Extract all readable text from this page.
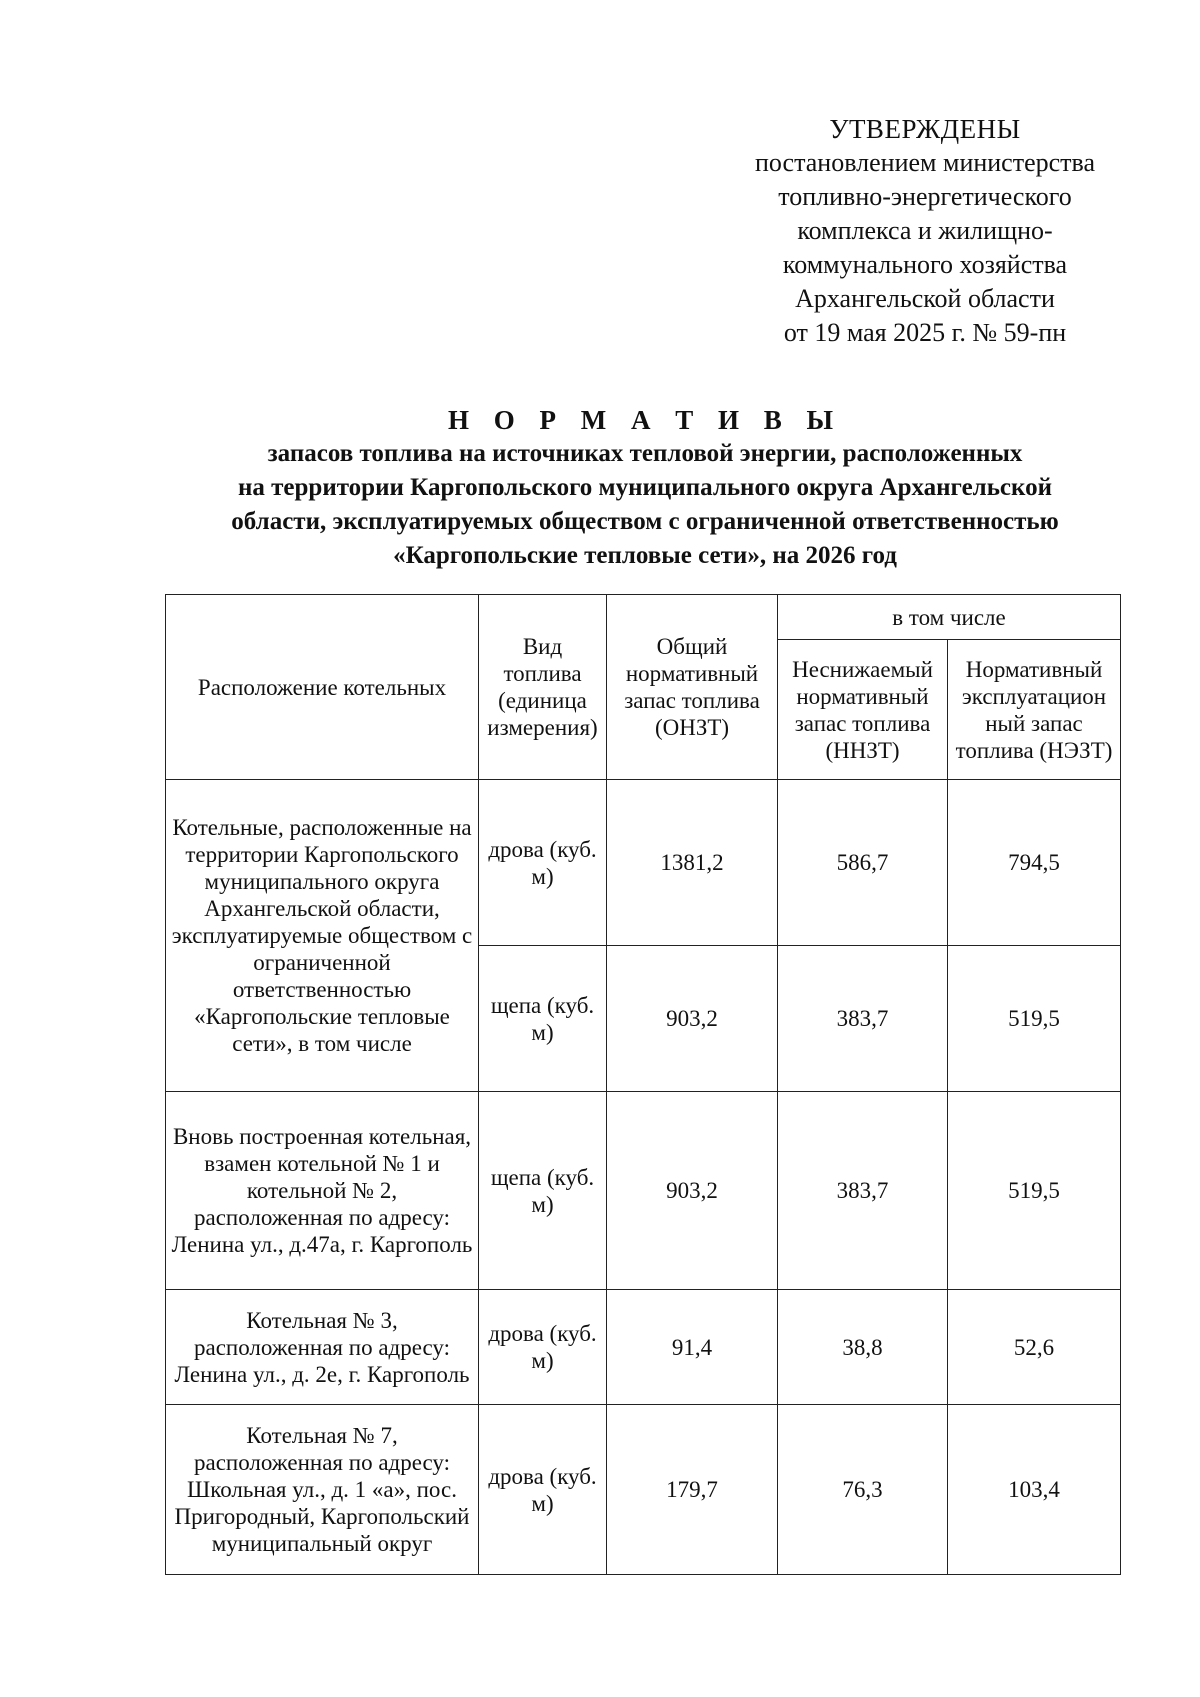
УТВЕРЖДЕНЫ
постановлением министерства
топливно-энергетического
комплекса и жилищно-
коммунального хозяйства
Архангельской области
от 19 мая 2025 г. № 59-пн
Н О Р М А Т И В Ы
запасов топлива на источниках тепловой энергии, расположенных
на территории Каргопольского муниципального округа Архангельской
области, эксплуатируемых обществом с ограниченной ответственностью
«Каргопольские тепловые сети», на 2026 год
Расположение котельных	Вид топлива (единица измерения)	Общий нормативный запас топлива (ОНЗТ)	в том числе	
			Неснижаемый нормативный запас топлива (ННЗТ)	Нормативный эксплуатацион ный запас топлива (НЭЗТ)
Котельные, расположенные на территории Каргопольского муниципального округа Архангельской области, эксплуатируемые обществом с ограниченной ответственностью «Каргопольские тепловые сети», в том числе	дрова (куб. м)	1381,2	586,7	794,5
	щепа (куб. м)	903,2	383,7	519,5
Вновь построенная котельная, взамен котельной № 1 и котельной № 2, расположенная по адресу: Ленина ул., д.47а, г. Каргополь	щепа (куб. м)	903,2	383,7	519,5
Котельная № 3, расположенная по адресу: Ленина ул., д. 2е, г. Каргополь	дрова (куб. м)	91,4	38,8	52,6
Котельная № 7, расположенная по адресу: Школьная ул., д. 1 «а», пос. Пригородный, Каргопольский муниципальный округ	дрова (куб. м)	179,7	76,3	103,4
